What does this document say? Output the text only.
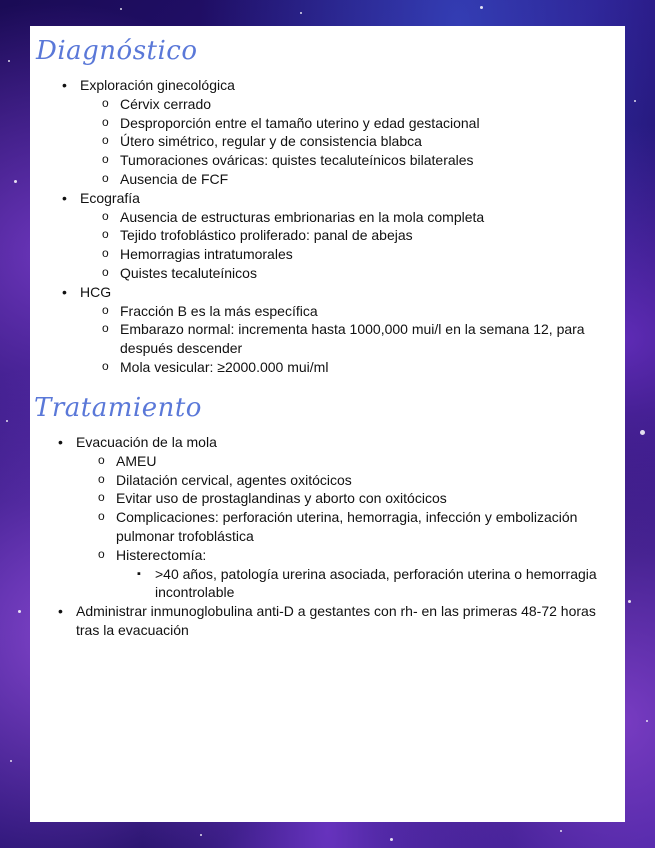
Diagnóstico
• Exploración ginecológica
o Cérvix cerrado
o Desproporción entre el tamaño uterino y edad gestacional
o Útero simétrico, regular y de consistencia blabca
o Tumoraciones ováricas: quistes tecaluteínicos bilaterales
o Ausencia de FCF
• Ecografía
o Ausencia de estructuras embrionarias en la mola completa
o Tejido trofoblástico proliferado: panal de abejas
o Hemorragias intratumorales
o Quistes tecaluteínicos
• HCG
o Fracción B es la más específica
o Embarazo normal: incrementa hasta 1000,000 mui/l en la semana 12, para después descender
o Mola vesicular: ≥2000.000 mui/ml
Tratamiento
• Evacuación de la mola
o AMEU
o Dilatación cervical, agentes oxitócicos
o Evitar uso de prostaglandinas y aborto con oxitócicos
o Complicaciones: perforación uterina, hemorragia, infección y embolización pulmonar trofoblástica
o Histerectomía:
▪ >40 años, patología urerina asociada, perforación uterina o hemorragia incontrolable
• Administrar inmunoglobulina anti-D a gestantes con rh- en las primeras 48-72 horas tras la evacuación
